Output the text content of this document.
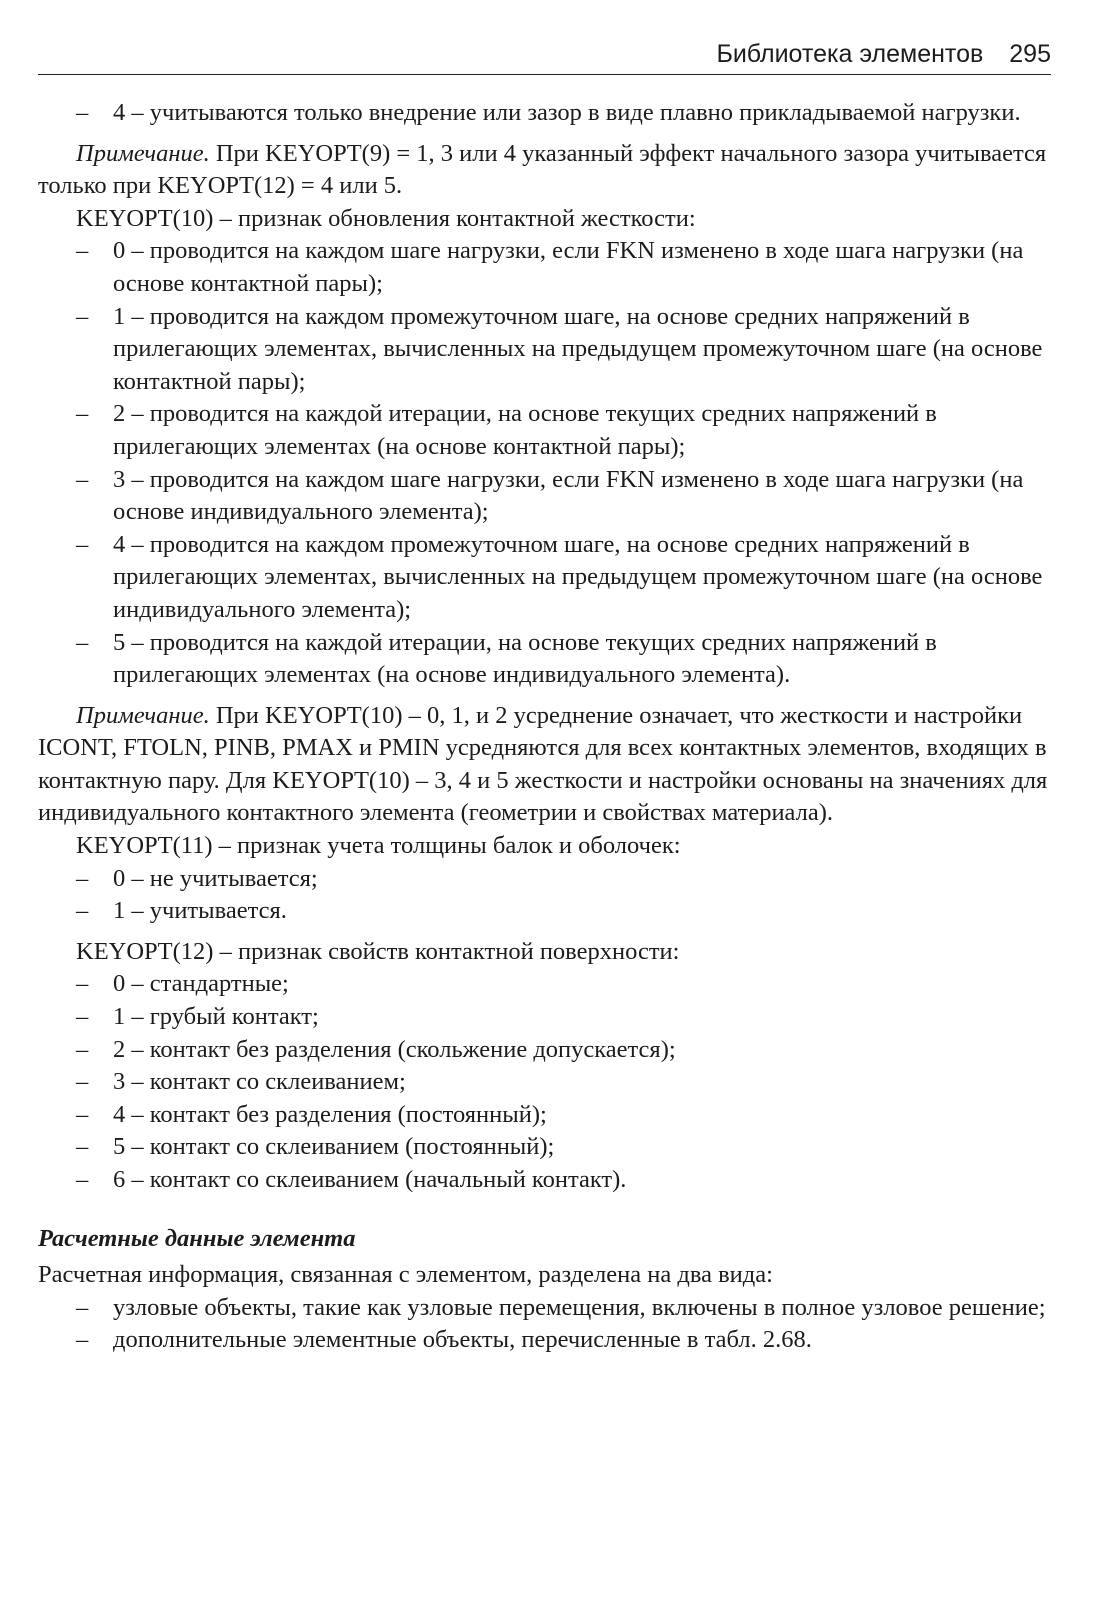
Библиотека элементов 295
– 4 – учитываются только внедрение или зазор в виде плавно прикладываемой нагрузки.

Примечание. При KEYOPT(9) = 1, 3 или 4 указанный эффект начального зазора учитывается только при KEYOPT(12) = 4 или 5.

KEYOPT(10) – признак обновления контактной жесткости:

– 0 – проводится на каждом шаге нагрузки, если FKN изменено в ходе шага нагрузки (на основе контактной пары);
– 1 – проводится на каждом промежуточном шаге, на основе средних напряжений в прилегающих элементах, вычисленных на предыдущем промежуточном шаге (на основе контактной пары);
– 2 – проводится на каждой итерации, на основе текущих средних напряжений в прилегающих элементах (на основе контактной пары);
– 3 – проводится на каждом шаге нагрузки, если FKN изменено в ходе шага нагрузки (на основе индивидуального элемента);
– 4 – проводится на каждом промежуточном шаге, на основе средних напряжений в прилегающих элементах, вычисленных на предыдущем промежуточном шаге (на основе индивидуального элемента);
– 5 – проводится на каждой итерации, на основе текущих средних напряжений в прилегающих элементах (на основе индивидуального элемента).

Примечание. При KEYOPT(10) – 0, 1, и 2 усреднение означает, что жесткости и настройки ICONT, FTOLN, PINB, PMAX и PMIN усредняются для всех контактных элементов, входящих в контактную пару. Для KEYOPT(10) – 3, 4 и 5 жесткости и настройки основаны на значениях для индивидуального контактного элемента (геометрии и свойствах материала).

KEYOPT(11) – признак учета толщины балок и оболочек:

– 0 – не учитывается;
– 1 – учитывается.

KEYOPT(12) – признак свойств контактной поверхности:

– 0 – стандартные;
– 1 – грубый контакт;
– 2 – контакт без разделения (скольжение допускается);
– 3 – контакт со склеиванием;
– 4 – контакт без разделения (постоянный);
– 5 – контакт со склеиванием (постоянный);
– 6 – контакт со склеиванием (начальный контакт).

Расчетные данные элемента

Расчетная информация, связанная с элементом, разделена на два вида:

– узловые объекты, такие как узловые перемещения, включены в полное узловое решение;
– дополнительные элементные объекты, перечисленные в табл. 2.68.
